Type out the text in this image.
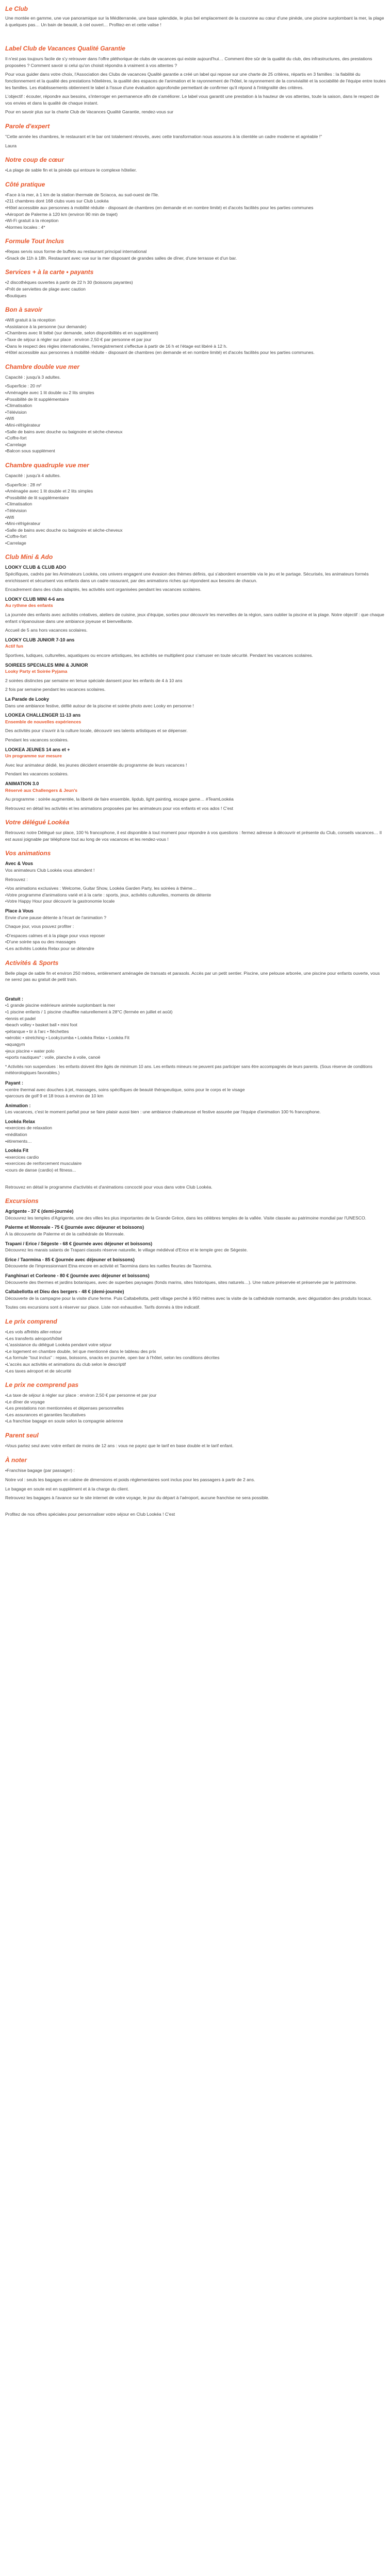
Le Club

Une montée en gamme, unе vue panoramique sur la Méditerranée, une base splendide, le plus bel emplacement de la couronne au cœur d'une pinède, une piscine surplombant la mer, la plage à quelques pas… Un bain de beauté, à ciel ouvert… Profitez-en et cette valise !

Label Club de Vacances Qualité Garantie

Il n'est pas toujours facile de s'y retrouver dans l'offre pléthorique de clubs de vacances qui existe aujourd'hui… Comment être sûr de la qualité du club, des infrastructures, des prestations proposées ? Comment savoir si celui qu'on choisit répondra à vraiment à vos attentes ?

Pour vous guider dans votre choix, l'Association des Clubs de vacances Qualité garantie a créé un label qui repose sur une charte de 25 critères, répartis en 3 familles : la fiabilité du fonctionnement et la qualité des prestations hôtelières, la qualité des espaces de l'animation et le rayonnement de l'hôtel, le rayonnement de la convivialité et la sociabilité de l'équipe entre toutes les familles. Les établissements obtiennent le label à l'issue d'une évaluation approfondie permettant de confirmer qu'il répond à l'intégralité des critères.

L'objectif : écouter, répondre aux besoins, s'interroger en permanence afin de s'améliorer. Le label vous garantit une prestation à la hauteur de vos attentes, toute la saison, dans le respect de vos envies et dans la qualité de chaque instant.

Pour en savoir plus sur la charte Club de Vacances Qualité Garantie, rendez-vous sur

Parole d'expert

"Cette année les chambres, le restaurant et le bar ont totalement rénovés, avec cette transformation nous assurons à la clientèle un cadre moderne et agréable !"

Laura

Notre coup de cœur
• La plage de sable fin et la pinède qui entoure le complexe hôtelier.
Côté pratique
• Face à la mer, à 1 km de la station thermale de Sciacca, au sud-ouest de l'île.
• 211 chambres dont 168 clubs vues sur Club Lookéa
• Hôtel accessible aux personnes à mobilité réduite - disposant de chambres (en demande et en nombre limité) et d'accès facilités pour les parties communes
• Aéroport de Palerme à 120 km (environ 90 min de trajet)
• Wi-Fi gratuit à la réception
• Normes locales : 4*
Formule Tout Inclus
• Repas servis sous forme de buffets au restaurant principal international
• Snack de 11h à 18h. Restaurant avec vue sur la mer disposant de grandes salles de dîner, d'une terrasse et d'un bar.
Services + à la carte • payants
• 2 discothèques ouvertes à partir de 22 h 30 (boissons payantes)
• Prêt de serviettes de plage avec caution
• Boutiques
Bon à savoir
• Wifi gratuit à la réception
• Assistance à la personne (sur demande)
• Chambres avec lit bébé (sur demande, selon disponibilités et en supplément)
• Taxe de séjour à régler sur place : environ 2,50 € par personne et par jour
• Dans le respect des règles internationales, l'enregistrement s'effectue à partir de 16 h et l'étage est libéré à 12 h.
• Hôtel accessible aux personnes à mobilité réduite - disposant de chambres (en demande et en nombre limité) et d'accès facilités pour les parties communes.
Chambre double vue mer

Capacité : jusqu'à 3 adultes.

• Superficie : 20 m²
• Aménagée avec 1 lit double ou 2 lits simples
• Possibilité de lit supplémentaire
• Climatisation
• Télévision
• Wifi
• Mini-réfrigérateur
• Salle de bains avec douche ou baignoire et sèche-cheveux
• Coffre-fort
• Carrelage
• Balcon sous supplément
Chambre quadruple vue mer

Capacité : jusqu'à 4 adultes.

• Superficie : 28 m²
• Aménagée avec 1 lit double et 2 lits simples
• Possibilité de lit supplémentaire
• Climatisation
• Télévision
• Wifi
• Mini-réfrigérateur
• Salle de bains avec douche ou baignoire et sèche-cheveux
• Coffre-fort
• Carrelage
Club Mini & Ado
LOOKY CLUB & CLUB ADO

Spécifiques, cadrés par les Animateurs Lookéa, ces univers engagent une évasion des thèmes définis, qui s'abordent ensemble via le jeu et le partage. Sécurisés, les animateurs formés enrichissent et sécurisent vos enfants dans un cadre rassurant, par des animations riches qui répondent aux besoins de chacun.

Encadrement dans des clubs adaptés, les activités sont organisées pendant les vacances scolaires.

LOOKY CLUB MINI 4-6 ans

Au rythme des enfants

La journée des enfants avec activités créatives, ateliers de cuisine, jeux d'équipe, sorties pour découvrir les merveilles de la région, sans oublier la piscine et la plage. Notre objectif : que chaque enfant s'épanouisse dans une ambiance joyeuse et bienveillante.

Accueil de 5 ans hors vacances scolaires.

LOOKY CLUB JUNIOR 7-10 ans

Actif fun

Sportives, ludiques, culturelles, aquatiques ou encore artistiques, les activités se multiplient pour s'amuser en toute sécurité. Pendant les vacances scolaires.

SOIREES SPECIALES MINI & JUNIOR

Looky Party et Soirée Pyjama

2 soirées distinctes par semaine en tenue spéciale dansent pour les enfants de 4 à 10 ans

2 fois par semaine pendant les vacances scolaires.

La Parade de Looky

Dans une ambiance festive, défilé autour de la piscine et soirée photo avec Looky en personne !

LOOKEA CHALLENGER 11-13 ans

Ensemble de nouvelles expériences

Des activités pour s'ouvrir à la culture locale, découvrir ses talents artistiques et se dépenser.

Pendant les vacances scolaires.

LOOKEA JEUNES 14 ans et +

Un programme sur mesure

Avec leur animateur dédié, les jeunes décident ensemble du programme de leurs vacances !

Pendant les vacances scolaires.

ANIMATION 3.0

Réservé aux Challengers & Jeun's

Au programme : soirée augmentée, la liberté de faire ensemble, lipdub, light painting, escape game… #TeamLookéa

Retrouvez en détail les activités et les animations proposées par les animateurs pour vos enfants et vos ados ! C'est

Votre délégué Lookéa

Retrouvez notre Délégué sur place, 100 % francophone, il est disponible à tout moment pour répondre à vos questions : fermez adresse à découvrir et présente du Club, conseils vacances… Il est aussi joignable par téléphone tout au long de vos vacances et les rendez-vous !

Vos animations
Avec & Vous

Vos animateurs Club Lookéa vous attendent !

Retrouvez :

• Vos animations exclusives : Welcome, Guitar Show, Lookéa Garden Party, les soirées à thème…
• Votre programme d'animations varié et à la carte : sports, jeux, activités culturelles, moments de détente
• Votre Happy Hour pour découvrir la gastronomie locale
Place à Vous

Envie d'une pause détente à l'écart de l'animation ?

Chaque jour, vous pouvez profiter :

• D'espaces calmes et à la plage pour vous reposer
• D'une soirée spa ou des massages
• Les activités Lookéa Relax pour se détendre
Activités & Sports

Belle plage de sable fin et environ 250 mètres, entièrement aménagée de transats et parasols. Accès par un petit sentier. Piscine, une pelouse arborée, une piscine pour enfants ouverte, vous ne serez pas au gratuit de petit train.

Gratuit :
• 1 grande piscine extérieure animée surplombant la mer
• 1 piscine enfants / 1 piscine chauffée naturellement à 28°C (fermée en juillet et août)
• tennis et padel
• beach volley • basket ball • mini foot
• pétanque • tir à l'arc • fléchettes
• aérobic • stretching • Lookyzumba • Lookéa Relax • Lookéa Fit
• aquagym
• jeux piscine • water polo
• sports nautiques* : voile, planche à voile, canoë

* Activités non suspendues : les enfants doivent être âgés de minimum 10 ans. Les enfants mineurs ne peuvent pas participer sans être accompagnés de leurs parents. (Sous réserve de conditions météorologiques favorables.)

Payant :
• centre thermal avec douches à jet, massages, soins spécifiques de beauté thérapeutique, soins pour le corps et le visage
• parcours de golf 9 et 18 trous à environ de 10 km
Animation :

Les vacances, c'est le moment parfait pour se faire plaisir aussi bien : une ambiance chaleureuse et festive assurée par l'équipe d'animation 100 % francophone.

Lookéa Relax
• exercices de relaxation
• méditation
• étirements…
Lookéa Fit
• exercices cardio
• exercices de renforcement musculaire
• cours de danse (cardio) et fitness...

Retrouvez en détail le programme d'activités et d'animations concocté pour vous dans votre Club Lookéa.

Excursions
Agrigente - 37 € (demi-journée)

Découvrez les temples d'Agrigente, une des villes les plus importantes de la Grande Grèce, dans les célèbres temples de la vallée. Visite classée au patrimoine mondial par l'UNESCO.

Palerme et Monreale - 75 € (journée avec déjeuner et boissons)

À la découverte de Palerme et de la cathédrale de Monreale.

Trapani / Erice / Ségeste - 68 € (journée avec déjeuner et boissons)

Découvrez les marais salants de Trapani classés réserve naturelle, le village médiéval d'Erice et le temple grec de Ségeste.

Erice / Taormina - 85 € (journée avec déjeuner et boissons)

Découverte de l'impressionnant Etna encore en activité et Taormina dans les ruelles fleuries de Taormina.

Fanghinari et Corleone - 80 € (journée avec déjeuner et boissons)

Découverte des thermes et jardins botaniques, avec de superbes paysages (fonds marins, sites historiques, sites naturels…). Une nature préservée et préservée par le patrimoine.

Caltabellotta et Dieu des bergers - 48 € (demi-journée)

Découverte de la campagne pour la visite d'une ferme. Puis Caltabellotta, petit village perché à 950 mètres avec la visite de la cathédrale normande, avec dégustation des produits locaux.

Toutes ces excursions sont à réserver sur place. Liste non exhaustive. Tarifs donnés à titre indicatif.

Le prix comprend
• Les vols affrétés aller-retour
• Les transferts aéroport/hôtel
• L'assistance du délégué Lookéa pendant votre séjour
• Le logement en chambre double, tel que mentionné dans le tableau des prix
• La formule "tout inclus" : repas, boissons, snacks en journée, open bar à l'hôtel, selon les conditions décrites
• L'accès aux activités et animations du club selon le descriptif
• Les taxes aéroport et de sécurité
Le prix ne comprend pas
• La taxe de séjour à régler sur place : environ 2,50 € par personne et par jour
• Le dîner de voyage
• Les prestations non mentionnées et dépenses personnelles
• Les assurances et garanties facultatives
• La franchise bagage en soute selon la compagnie aérienne
Parent seul
• Vous partez seul avec votre enfant de moins de 12 ans : vous ne payez que le tarif en base double et le tarif enfant.
À noter
• Franchise bagage (par passager) :

Notre vol : seuls les bagages en cabine de dimensions et poids réglementaires sont inclus pour les passagers à partir de 2 ans.

Le bagage en soute est en supplément et à la charge du client.

Retrouvez les bagages à l'avance sur le site internet de votre voyage, le jour du départ à l'aéroport, aucune franchise ne sera possible.

Profitez de nos offres spéciales pour personnaliser votre séjour en Club Lookéa ! C'est
